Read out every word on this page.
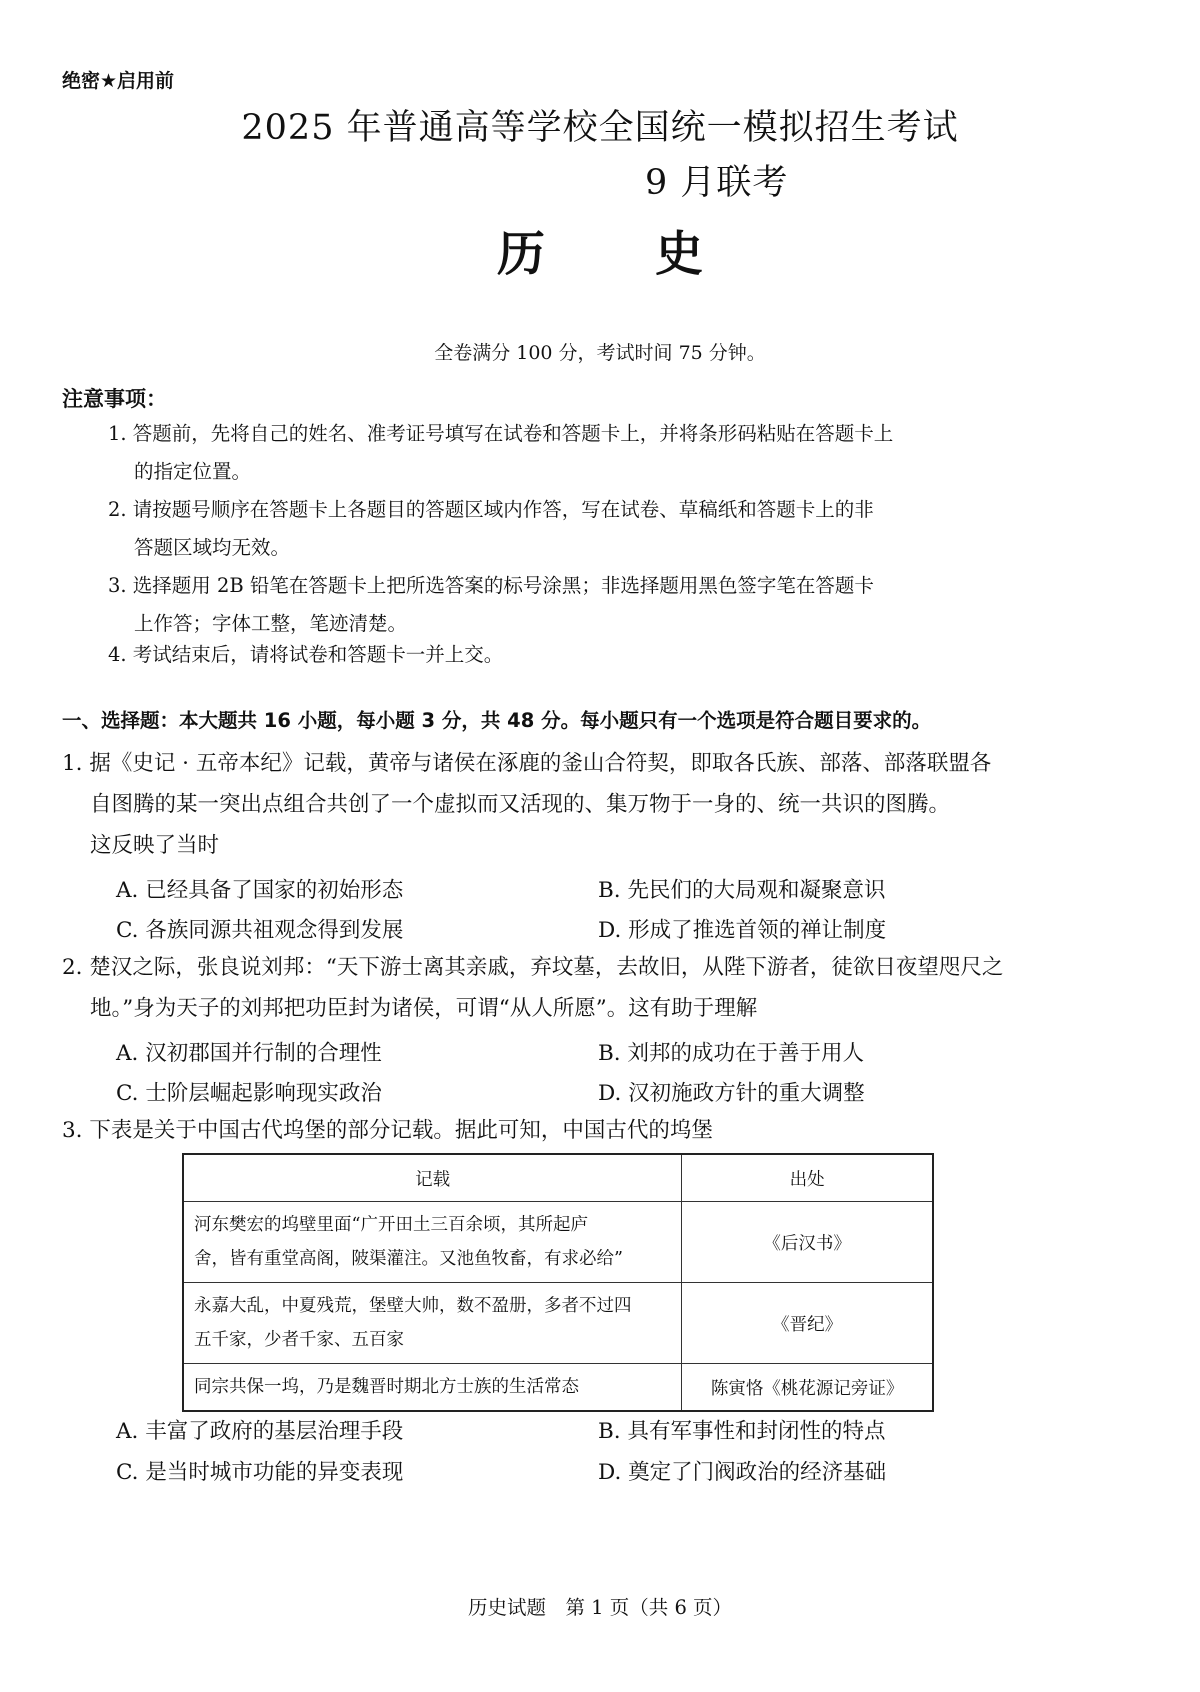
绝密★启用前
2025 年普通高等学校全国统一模拟招生考试
9 月联考
历 史
全卷满分 100 分，考试时间 75 分钟。
注意事项：
1. 答题前，先将自己的姓名、准考证号填写在试卷和答题卡上，并将条形码粘贴在答题卡上
的指定位置。
2. 请按题号顺序在答题卡上各题目的答题区域内作答，写在试卷、草稿纸和答题卡上的非
答题区域均无效。
3. 选择题用 2B 铅笔在答题卡上把所选答案的标号涂黑；非选择题用黑色签字笔在答题卡
上作答；字体工整，笔迹清楚。
4. 考试结束后，请将试卷和答题卡一并上交。
一、选择题：本大题共 16 小题，每小题 3 分，共 48 分。每小题只有一个选项是符合题目要求的。
1. 据《史记 · 五帝本纪》记载，黄帝与诸侯在涿鹿的釜山合符契，即取各氏族、部落、部落联盟各
自图腾的某一突出点组合共创了一个虚拟而又活现的、集万物于一身的、统一共识的图腾。
这反映了当时
A. 已经具备了国家的初始形态	B. 先民们的大局观和凝聚意识
C. 各族同源共祖观念得到发展	D. 形成了推选首领的禅让制度
2. 楚汉之际，张良说刘邦：“天下游士离其亲戚，弃坟墓，去故旧，从陛下游者，徒欲日夜望咫尺之
地。”身为天子的刘邦把功臣封为诸侯，可谓“从人所愿”。这有助于理解
A. 汉初郡国并行制的合理性	B. 刘邦的成功在于善于用人
C. 士阶层崛起影响现实政治	D. 汉初施政方针的重大调整
3. 下表是关于中国古代坞堡的部分记载。据此可知，中国古代的坞堡
记载	出处

河东樊宏的坞壁里面“广开田土三百余顷，其所起庐
舍，皆有重堂高阁，陂渠灌注。又池鱼牧畜，有求必给”	《后汉书》

永嘉大乱，中夏残荒，堡壁大帅，数不盈册，多者不过四
五千家，少者千家、五百家	《晋纪》

同宗共保一坞，乃是魏晋时期北方士族的生活常态	陈寅恪《桃花源记旁证》
A. 丰富了政府的基层治理手段	B. 具有军事性和封闭性的特点
C. 是当时城市功能的异变表现	D. 奠定了门阀政治的经济基础
历史试题　第 1 页（共 6 页）
